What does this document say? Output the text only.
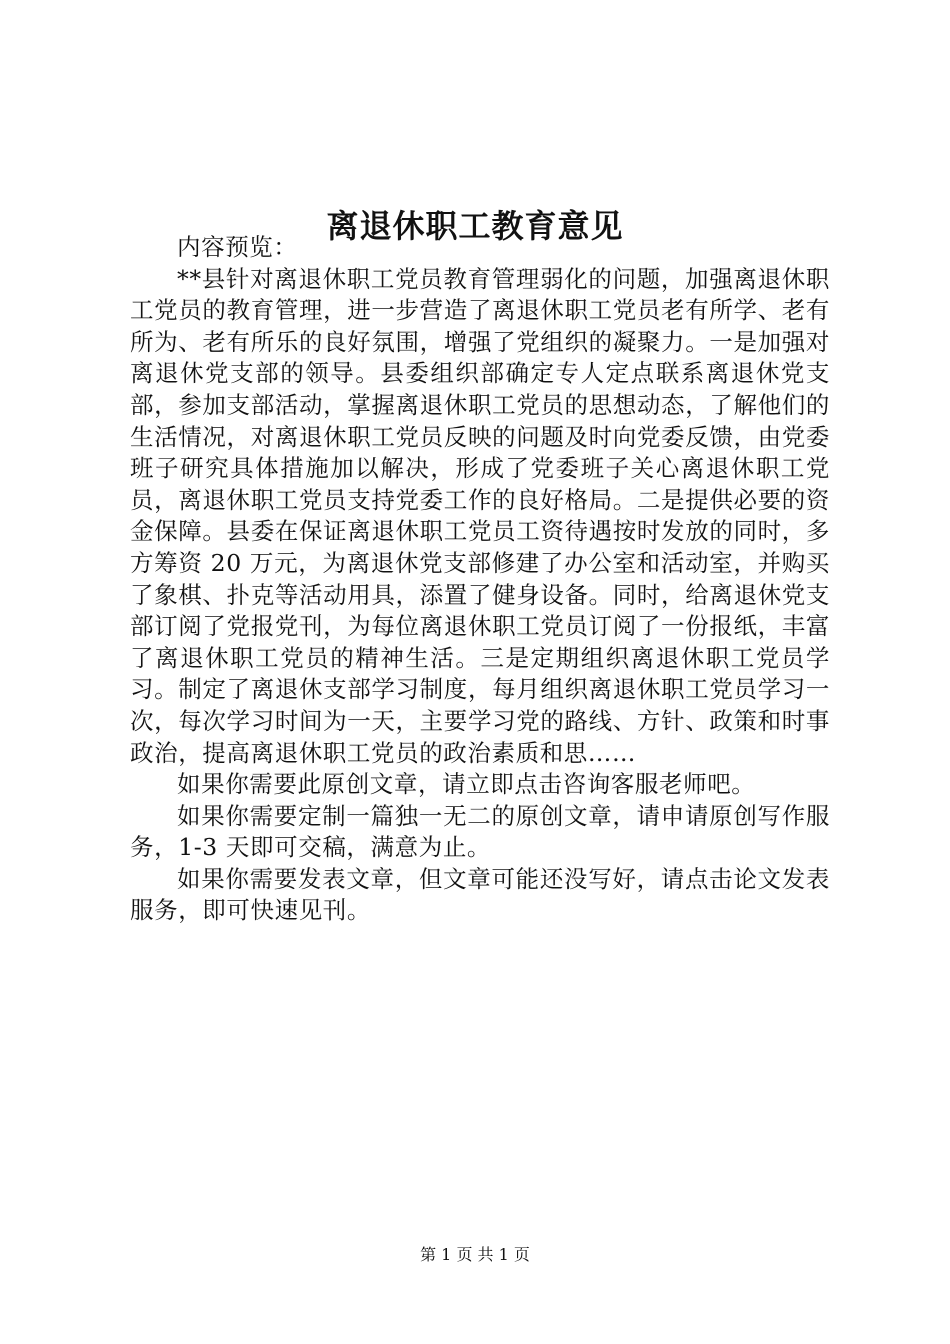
离退休职工教育意见

内容预览：

**县针对离退休职工党员教育管理弱化的问题，加强离退休职工党员的教育管理，进一步营造了离退休职工党员老有所学、老有所为、老有所乐的良好氛围，增强了党组织的凝聚力。一是加强对离退休党支部的领导。县委组织部确定专人定点联系离退休党支部，参加支部活动，掌握离退休职工党员的思想动态，了解他们的生活情况，对离退休职工党员反映的问题及时向党委反馈，由党委班子研究具体措施加以解决，形成了党委班子关心离退休职工党员，离退休职工党员支持党委工作的良好格局。二是提供必要的资金保障。县委在保证离退休职工党员工资待遇按时发放的同时，多方筹资 20 万元，为离退休党支部修建了办公室和活动室，并购买了象棋、扑克等活动用具，添置了健身设备。同时，给离退休党支部订阅了党报党刊，为每位离退休职工党员订阅了一份报纸，丰富了离退休职工党员的精神生活。三是定期组织离退休职工党员学习。制定了离退休支部学习制度，每月组织离退休职工党员学习一次，每次学习时间为一天，主要学习党的路线、方针、政策和时事政治，提高离退休职工党员的政治素质和思……

如果你需要此原创文章，请立即点击咨询客服老师吧。

如果你需要定制一篇独一无二的原创文章，请申请原创写作服务，1-3 天即可交稿，满意为止。

如果你需要发表文章，但文章可能还没写好，请点击论文发表服务，即可快速见刊。

第 1 页 共 1 页
